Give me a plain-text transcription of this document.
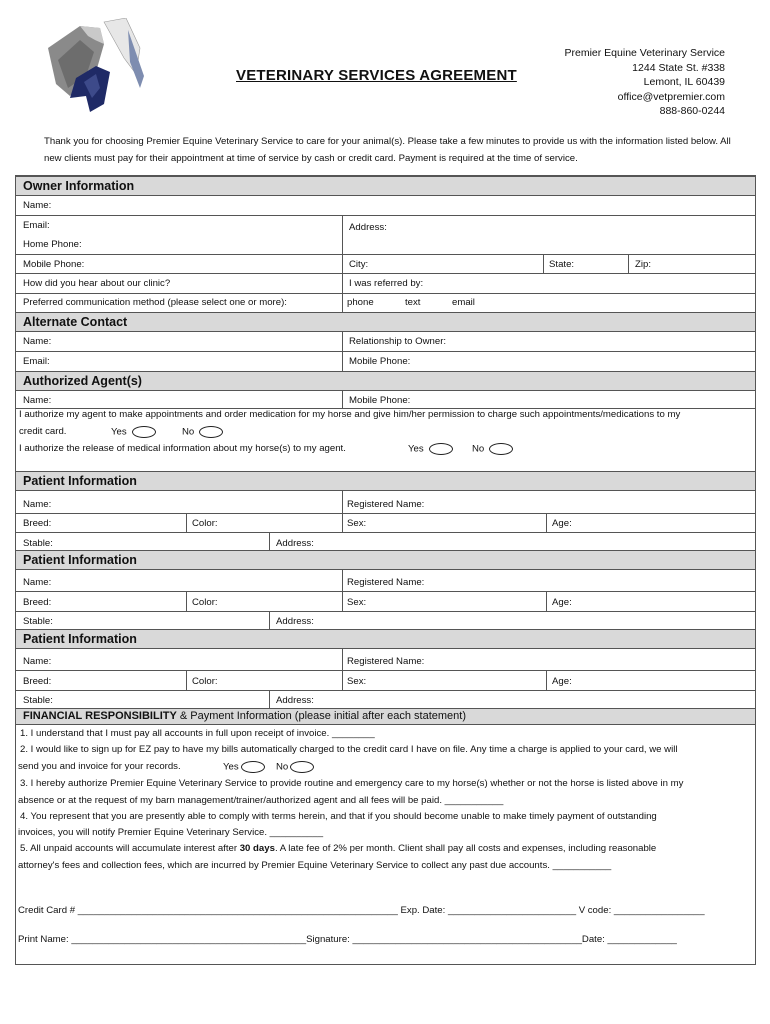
VETERINARY SERVICES AGREEMENT
Premier Equine Veterinary Service
1244 State St. #338
Lemont, IL 60439
office@vetpremier.com
888-860-0244
Thank you for choosing Premier Equine Veterinary Service to care for your animal(s). Please take a few minutes to provide us with the information listed below. All new clients must pay for their appointment at time of service by cash or credit card. Payment is required at the time of service.
Owner Information
Name:
Email:	Address:
Home Phone:
Mobile Phone:	City:	State:	Zip:
How did you hear about our clinic?	I was referred by:
Preferred communication method (please select one or more):	phone	text	email
Alternate Contact
Name:	Relationship to Owner:
Email:	Mobile Phone:
Authorized Agent(s)
Name:	Mobile Phone:
I authorize my agent to make appointments and order medication for my horse and give him/her permission to charge such appointments/medications to my
credit card.	Yes	No
I authorize the release of medical information about my horse(s) to my agent.	Yes	No
Patient Information
Name:	Registered Name:
Breed:	Color:	Sex:	Age:
Stable:	Address:
Patient Information
Name:	Registered Name:
Breed:	Color:	Sex:	Age:
Stable:	Address:
Patient Information
Name:	Registered Name:
Breed:	Color:	Sex:	Age:
Stable:	Address:
FINANCIAL RESPONSIBILITY & Payment Information (please initial after each statement)
1. I understand that I must pay all accounts in full upon receipt of invoice. ________
2. I would like to sign up for EZ pay to have my bills automatically charged to the credit card I have on file. Any time a charge is applied to your card, we will
send you and invoice for your records.	Yes	No
3. I hereby authorize Premier Equine Veterinary Service to provide routine and emergency care to my horse(s) whether or not the horse is listed above in my
absence or at the request of my barn management/trainer/authorized agent and all fees will be paid. ___________
4. You represent that you are presently able to comply with terms herein, and that if you should become unable to make timely payment of outstanding
invoices, you will notify Premier Equine Veterinary Service. __________
5. All unpaid accounts will accumulate interest after 30 days. A late fee of 2% per month. Client shall pay all costs and expenses, including reasonable
attorney's fees and collection fees, which are incurred by Premier Equine Veterinary Service to collect any past due accounts. ___________
Credit Card # ____________________________________________________________ Exp. Date: ________________________ V code: _________________
Print Name: ____________________________________________Signature: ___________________________________________Date: _____________
